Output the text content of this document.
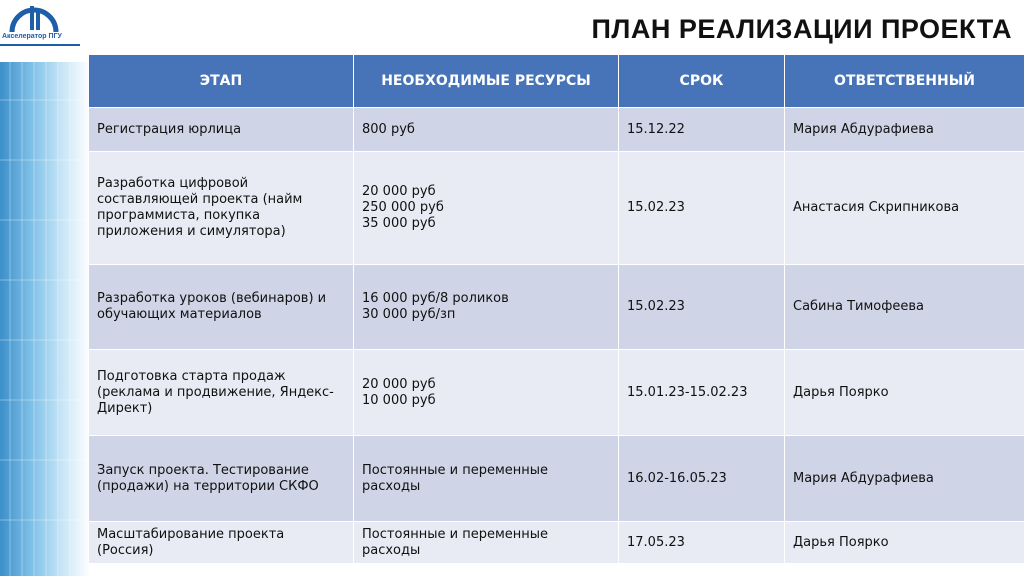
Акселератор ПГУ	ПЛАН РЕАЛИЗАЦИИ ПРОЕКТА
ЭТАП	НЕОБХОДИМЫЕ РЕСУРСЫ	СРОК	ОТВЕТСТВЕННЫЙ
Регистрация юрлица	800 руб	15.12.22	Мария Абдурафиева
Разработка цифровой
составляющей проекта (найм
программиста, покупка
приложения и симулятора)	20 000 руб
250 000 руб
35 000 руб	15.02.23	Анастасия Скрипникова
Разработка уроков (вебинаров) и
обучающих материалов	16 000 руб/8 роликов
30 000 руб/зп	15.02.23	Сабина Тимофеева
Подготовка старта продаж
(реклама и продвижение, Яндекс-
Директ)	20 000 руб
10 000 руб	15.01.23-15.02.23	Дарья Поярко
Запуск проекта. Тестирование
(продажи) на территории СКФО	Постоянные и переменные
расходы	16.02-16.05.23	Мария Абдурафиева
Масштабирование проекта
(Россия)	Постоянные и переменные
расходы	17.05.23	Дарья Поярко
